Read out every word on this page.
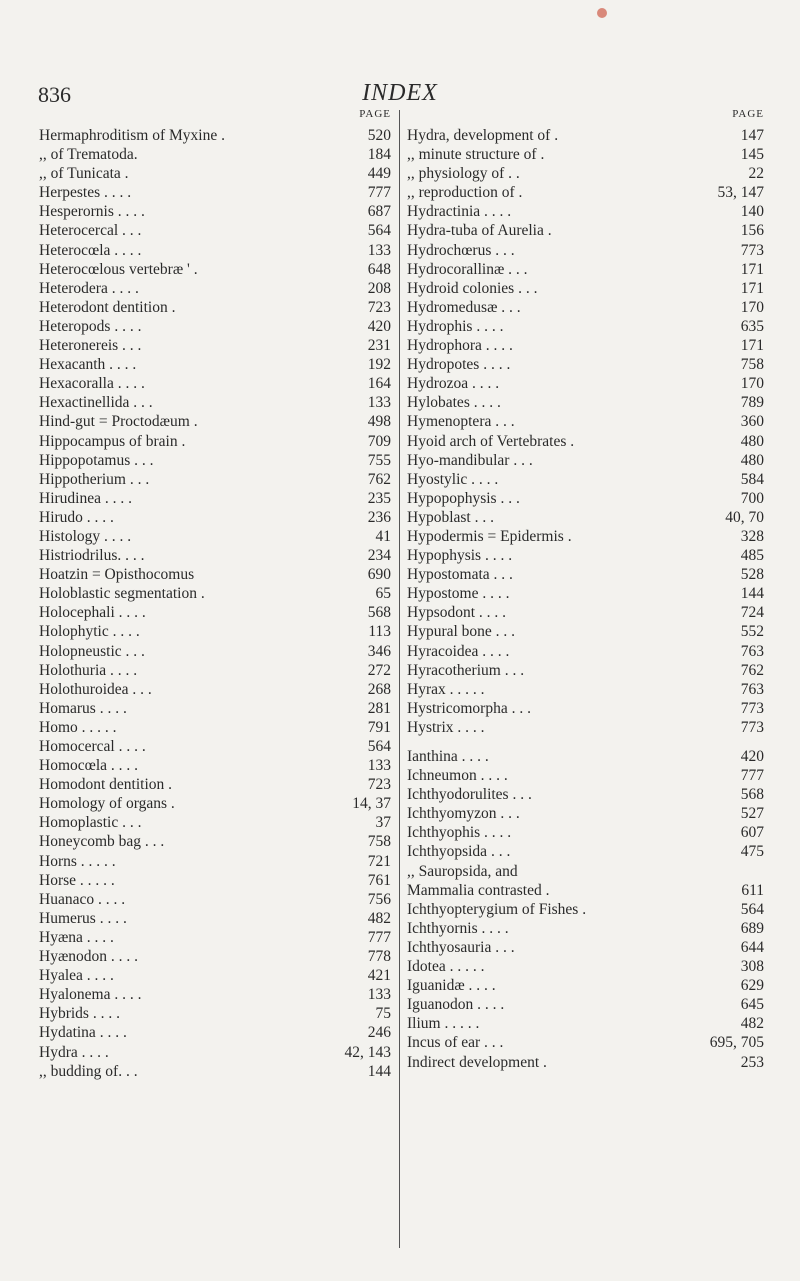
836	INDEX
PAGE
Hermaphroditism of Myxine .	520
,, of Trematoda.	184
,, of Tunicata .	449
Herpestes . . . .	777
Hesperornis . . . .	687
Heterocercal . . .	564
Heterocœla . . . .	133
Heterocœlous vertebræ ' .	648
Heterodera . . . .	208
Heterodont dentition .	723
Heteropods . . . .	420
Heteronereis . . .	231
Hexacanth . . . .	192
Hexacoralla . . . .	164
Hexactinellida . . .	133
Hind-gut = Proctodæum .	498
Hippocampus of brain .	709
Hippopotamus . . .	755
Hippotherium . . .	762
Hirudinea . . . .	235
Hirudo . . . .	236
Histology . . . .	41
Histriodrilus. . . .	234
Hoatzin = Opisthocomus	690
Holoblastic segmentation .	65
Holocephali . . . .	568
Holophytic . . . .	113
Holopneustic . . .	346
Holothuria . . . .	272
Holothuroidea . . .	268
Homarus . . . .	281
Homo . . . . .	791
Homocercal . . . .	564
Homocœla . . . .	133
Homodont dentition .	723
Homology of organs .	14, 37
Homoplastic . . .	37
Honeycomb bag . . .	758
Horns . . . . .	721
Horse . . . . .	761
Huanaco . . . .	756
Humerus . . . .	482
Hyæna . . . .	777
Hyænodon . . . .	778
Hyalea . . . .	421
Hyalonema . . . .	133
Hybrids . . . .	75
Hydatina . . . .	246
Hydra . . . .	42, 143
,, budding of. . .	144
PAGE
Hydra, development of .	147
,, minute structure of .	145
,, physiology of . .	22
,, reproduction of .	53, 147
Hydractinia . . . .	140
Hydra-tuba of Aurelia .	156
Hydrochœrus . . .	773
Hydrocorallinæ . . .	171
Hydroid colonies . . .	171
Hydromedusæ . . .	170
Hydrophis . . . .	635
Hydrophora . . . .	171
Hydropotes . . . .	758
Hydrozoa . . . .	170
Hylobates . . . .	789
Hymenoptera . . .	360
Hyoid arch of Vertebrates .	480
Hyo-mandibular . . .	480
Hyostylic . . . .	584
Hypopophysis . . .	700
Hypoblast . . .	40, 70
Hypodermis = Epidermis .	328
Hypophysis . . . .	485
Hypostomata . . .	528
Hypostome . . . .	144
Hypsodont . . . .	724
Hypural bone . . .	552
Hyracoidea . . . .	763
Hyracotherium . . .	762
Hyrax . . . . .	763
Hystricomorpha . . .	773
Hystrix . . . .	773
Ianthina . . . .	420
Ichneumon . . . .	777
Ichthyodorulites . . .	568
Ichthyomyzon . . .	527
Ichthyophis . . . .	607
Ichthyopsida . . .	475
,, Sauropsida, and
Mammalia contrasted .	611
Ichthyopterygium of Fishes .	564
Ichthyornis . . . .	689
Ichthyosauria . . .	644
Idotea . . . . .	308
Iguanidæ . . . .	629
Iguanodon . . . .	645
Ilium . . . . .	482
Incus of ear . . .	695, 705
Indirect development .	253
